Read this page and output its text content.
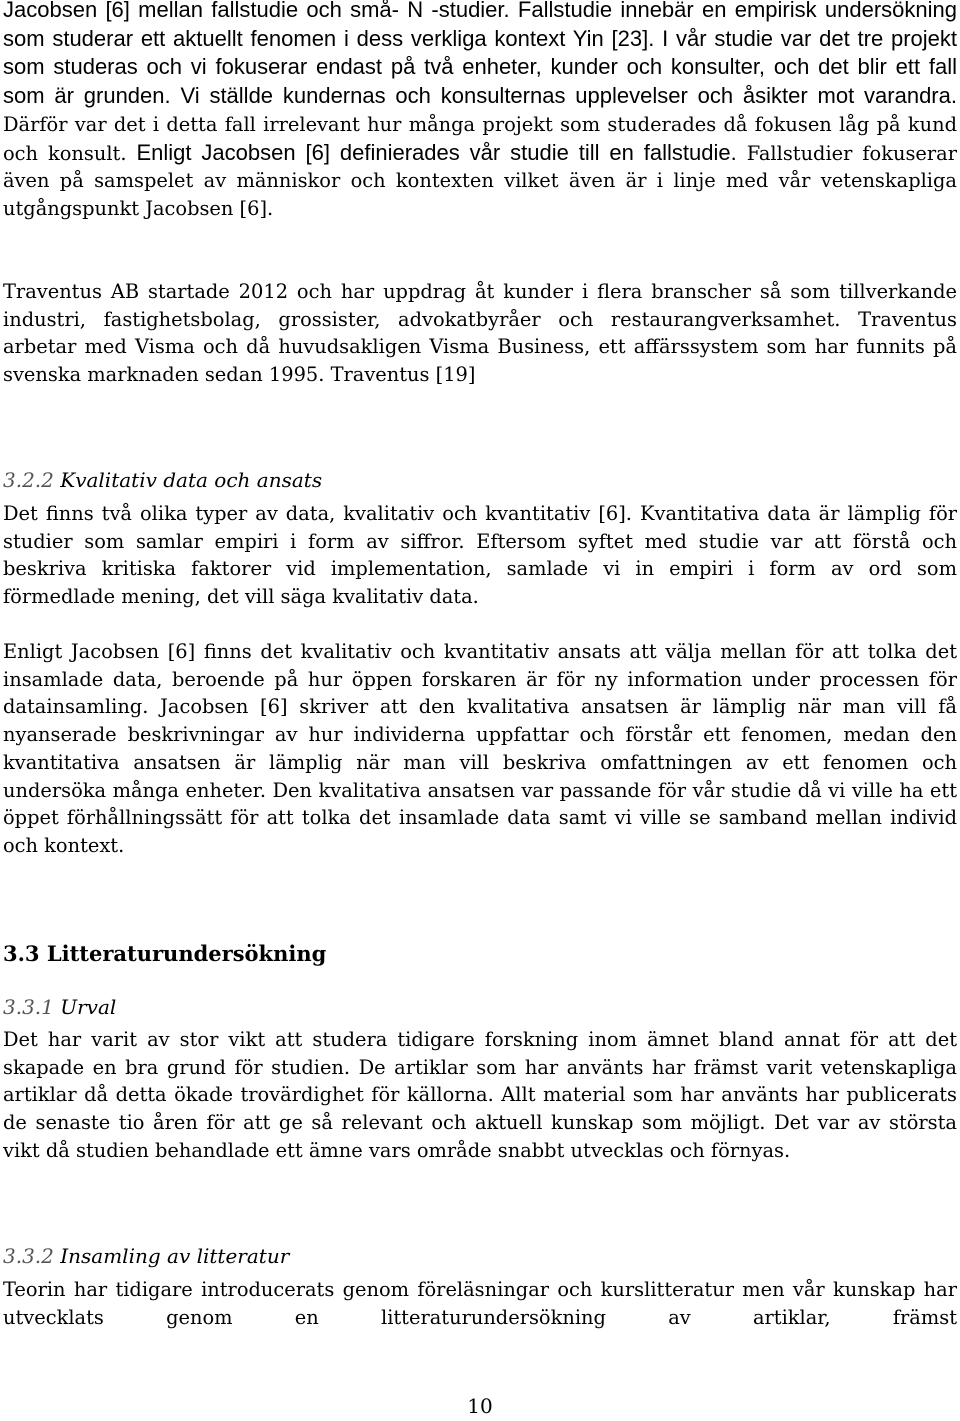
Jacobsen [6] mellan fallstudie och små- N -studier. Fallstudie innebär en empirisk undersökning som studerar ett aktuellt fenomen i dess verkliga kontext Yin [23]. I vår studie var det tre projekt som studeras och vi fokuserar endast på två enheter, kunder och konsulter, och det blir ett fall som är grunden. Vi ställde kundernas och konsulternas upplevelser och åsikter mot varandra. Därför var det i detta fall irrelevant hur många projekt som studerades då fokusen låg på kund och konsult. Enligt Jacobsen [6] definierades vår studie till en fallstudie. Fallstudier fokuserar även på samspelet av människor och kontexten vilket även är i linje med vår vetenskapliga utgångspunkt Jacobsen [6].

Traventus AB startade 2012 och har uppdrag åt kunder i flera branscher så som tillverkande industri, fastighetsbolag, grossister, advokatbyråer och restaurangverksamhet. Traventus arbetar med Visma och då huvudsakligen Visma Business, ett affärssystem som har funnits på svenska marknaden sedan 1995. Traventus [19]

3.2.2 Kvalitativ data och ansats

Det finns två olika typer av data, kvalitativ och kvantitativ [6]. Kvantitativa data är lämplig för studier som samlar empiri i form av siffror. Eftersom syftet med studie var att förstå och beskriva kritiska faktorer vid implementation, samlade vi in empiri i form av ord som förmedlade mening, det vill säga kvalitativ data.

Enligt Jacobsen [6] finns det kvalitativ och kvantitativ ansats att välja mellan för att tolka det insamlade data, beroende på hur öppen forskaren är för ny information under processen för datainsamling. Jacobsen [6] skriver att den kvalitativa ansatsen är lämplig när man vill få nyanserade beskrivningar av hur individerna uppfattar och förstår ett fenomen, medan den kvantitativa ansatsen är lämplig när man vill beskriva omfattningen av ett fenomen och undersöka många enheter. Den kvalitativa ansatsen var passande för vår studie då vi ville ha ett öppet förhållningssätt för att tolka det insamlade data samt vi ville se samband mellan individ och kontext.

3.3 Litteraturundersökning

3.3.1 Urval

Det har varit av stor vikt att studera tidigare forskning inom ämnet bland annat för att det skapade en bra grund för studien. De artiklar som har använts har främst varit vetenskapliga artiklar då detta ökade trovärdighet för källorna. Allt material som har använts har publicerats de senaste tio åren för att ge så relevant och aktuell kunskap som möjligt. Det var av största vikt då studien behandlade ett ämne vars område snabbt utvecklas och förnyas.

3.3.2 Insamling av litteratur

Teorin har tidigare introducerats genom föreläsningar och kurslitteratur men vår kunskap har utvecklats genom en litteraturundersökning av artiklar, främst

10
